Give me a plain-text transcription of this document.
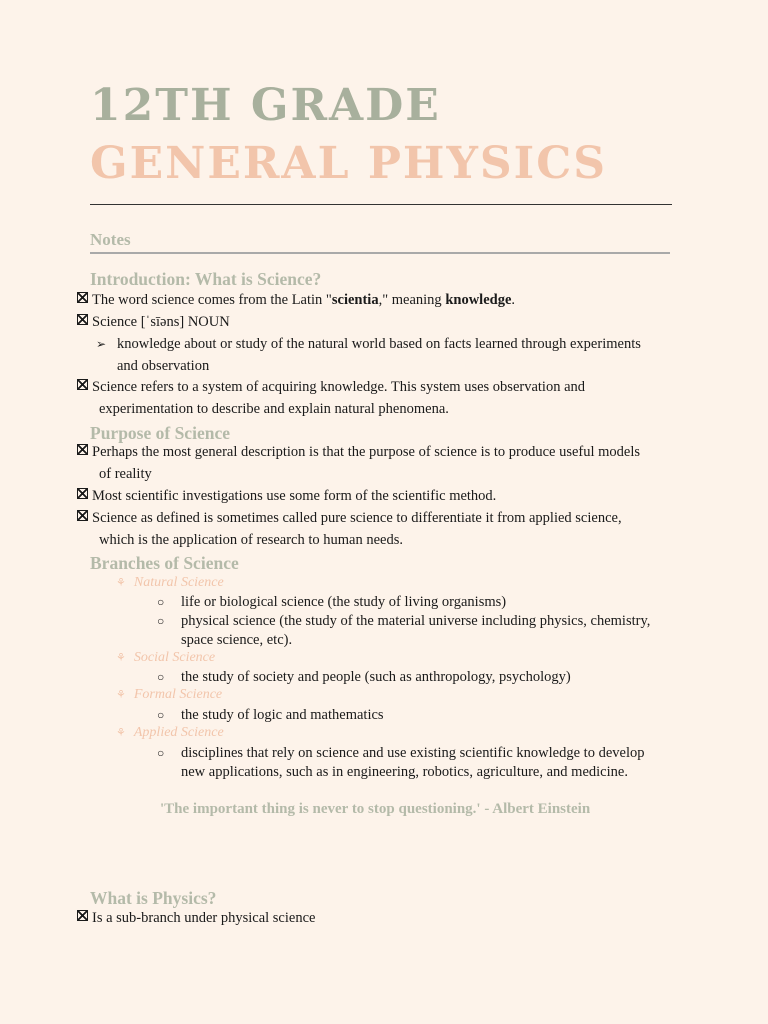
12TH GRADE
GENERAL PHYSICS
Notes
Introduction: What is Science?
The word science comes from the Latin "scientia," meaning knowledge.
Science [ˈsīəns] NOUN
➢ knowledge about or study of the natural world based on facts learned through experiments
and observation
Science refers to a system of acquiring knowledge. This system uses observation and
experimentation to describe and explain natural phenomena.
Purpose of Science
Perhaps the most general description is that the purpose of science is to produce useful models
of reality
Most scientific investigations use some form of the scientific method.
Science as defined is sometimes called pure science to differentiate it from applied science,
which is the application of research to human needs.
Branches of Science
⚘ Natural Science
○	life or biological science (the study of living organisms)
○	physical science (the study of the material universe including physics, chemistry,
space science, etc).
⚘ Social Science
○	the study of society and people (such as anthropology, psychology)
⚘ Formal Science
○	the study of logic and mathematics
⚘ Applied Science
○	disciplines that rely on science and use existing scientific knowledge to develop
new applications, such as in engineering, robotics, agriculture, and medicine.
'The important thing is never to stop questioning.' - Albert Einstein
What is Physics?
Is a sub-branch under physical science
